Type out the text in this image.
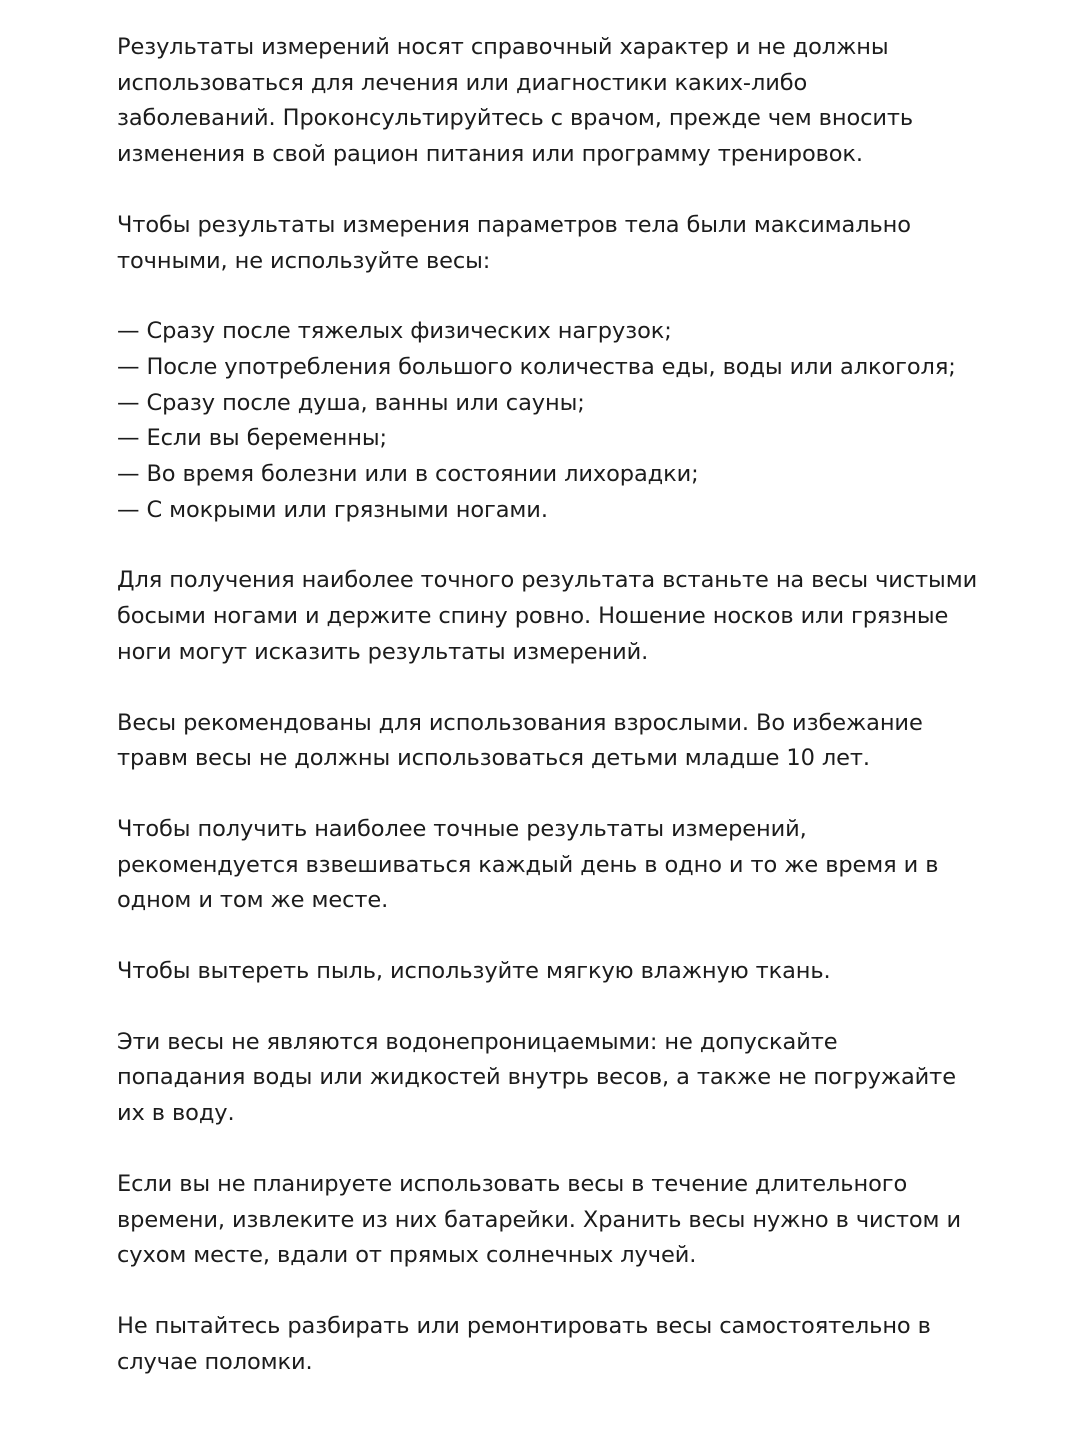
Результаты измерений носят справочный характер и не должны
использоваться для лечения или диагностики каких-либо
заболеваний. Проконсультируйтесь с врачом, прежде чем вносить
изменения в свой рацион питания или программу тренировок.

Чтобы результаты измерения параметров тела были максимально
точными, не используйте весы:

— Сразу после тяжелых физических нагрузок;
— После употребления большого количества еды, воды или алкоголя;
— Сразу после душа, ванны или сауны;
— Если вы беременны;
— Во время болезни или в состоянии лихорадки;
— С мокрыми или грязными ногами.

Для получения наиболее точного результата встаньте на весы чистыми
босыми ногами и держите спину ровно. Ношение носков или грязные
ноги могут исказить результаты измерений.

Весы рекомендованы для использования взрослыми. Во избежание
травм весы не должны использоваться детьми младше 10 лет.

Чтобы получить наиболее точные результаты измерений,
рекомендуется взвешиваться каждый день в одно и то же время и в
одном и том же месте.

Чтобы вытереть пыль, используйте мягкую влажную ткань.

Эти весы не являются водонепроницаемыми: не допускайте
попадания воды или жидкостей внутрь весов, а также не погружайте
их в воду.

Если вы не планируете использовать весы в течение длительного
времени, извлеките из них батарейки. Хранить весы нужно в чистом и
сухом месте, вдали от прямых солнечных лучей.

Не пытайтесь разбирать или ремонтировать весы самостоятельно в
случае поломки.
